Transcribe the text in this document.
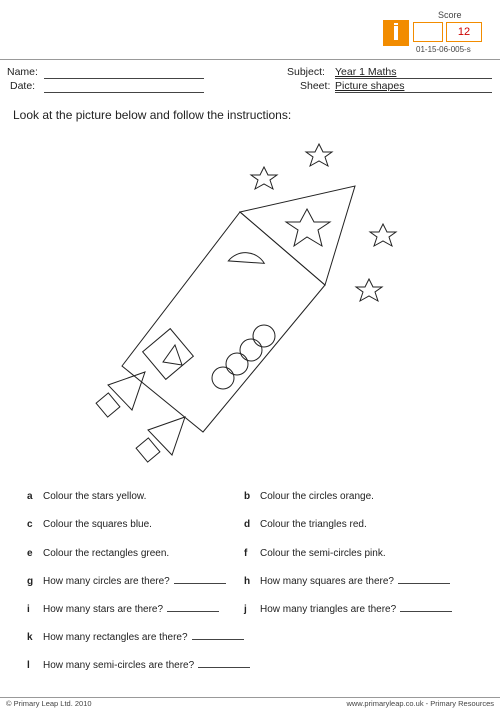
Score
12
01-15-06-005-s
Name:
Date:
Subject: Year 1 Maths
Sheet: Picture shapes
Look at the picture below and follow the instructions:
a Colour the stars yellow.	b Colour the circles orange.
c Colour the squares blue.	d Colour the triangles red.
e Colour the rectangles green.	f Colour the semi-circles pink.
g How many circles are there?	h How many squares are there?
i How many stars are there?	j How many triangles are there?
k How many rectangles are there?
l How many semi-circles are there?
© Primary Leap Ltd. 2010	www.primaryleap.co.uk - Primary Resources
